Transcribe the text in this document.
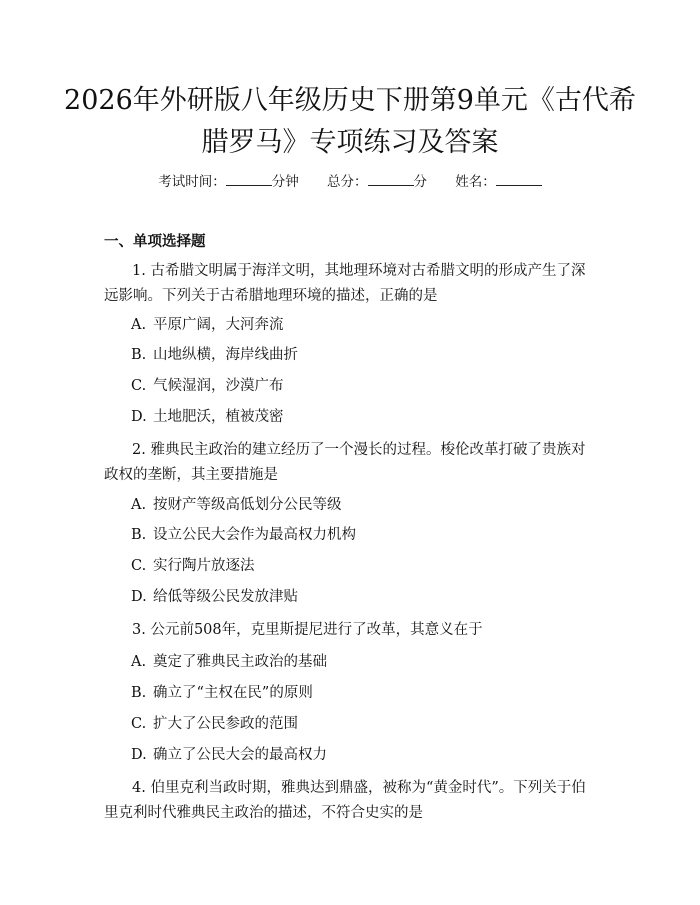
2026年外研版八年级历史下册第9单元《古代希腊罗马》专项练习及答案
考试时间：	分钟 总分：	分 姓名：
一、单项选择题

1. 古希腊文明属于海洋文明，其地理环境对古希腊文明的形成产生了深远影响。下列关于古希腊地理环境的描述，正确的是

A. 平原广阔，大河奔流
B. 山地纵横，海岸线曲折
C. 气候湿润，沙漠广布
D. 土地肥沃，植被茂密

2. 雅典民主政治的建立经历了一个漫长的过程。梭伦改革打破了贵族对政权的垄断，其主要措施是

A. 按财产等级高低划分公民等级
B. 设立公民大会作为最高权力机构
C. 实行陶片放逐法
D. 给低等级公民发放津贴

3. 公元前508年，克里斯提尼进行了改革，其意义在于

A. 奠定了雅典民主政治的基础
B. 确立了“主权在民”的原则
C. 扩大了公民参政的范围
D. 确立了公民大会的最高权力

4. 伯里克利当政时期，雅典达到鼎盛，被称为“黄金时代”。下列关于伯里克利时代雅典民主政治的描述，不符合史实的是
